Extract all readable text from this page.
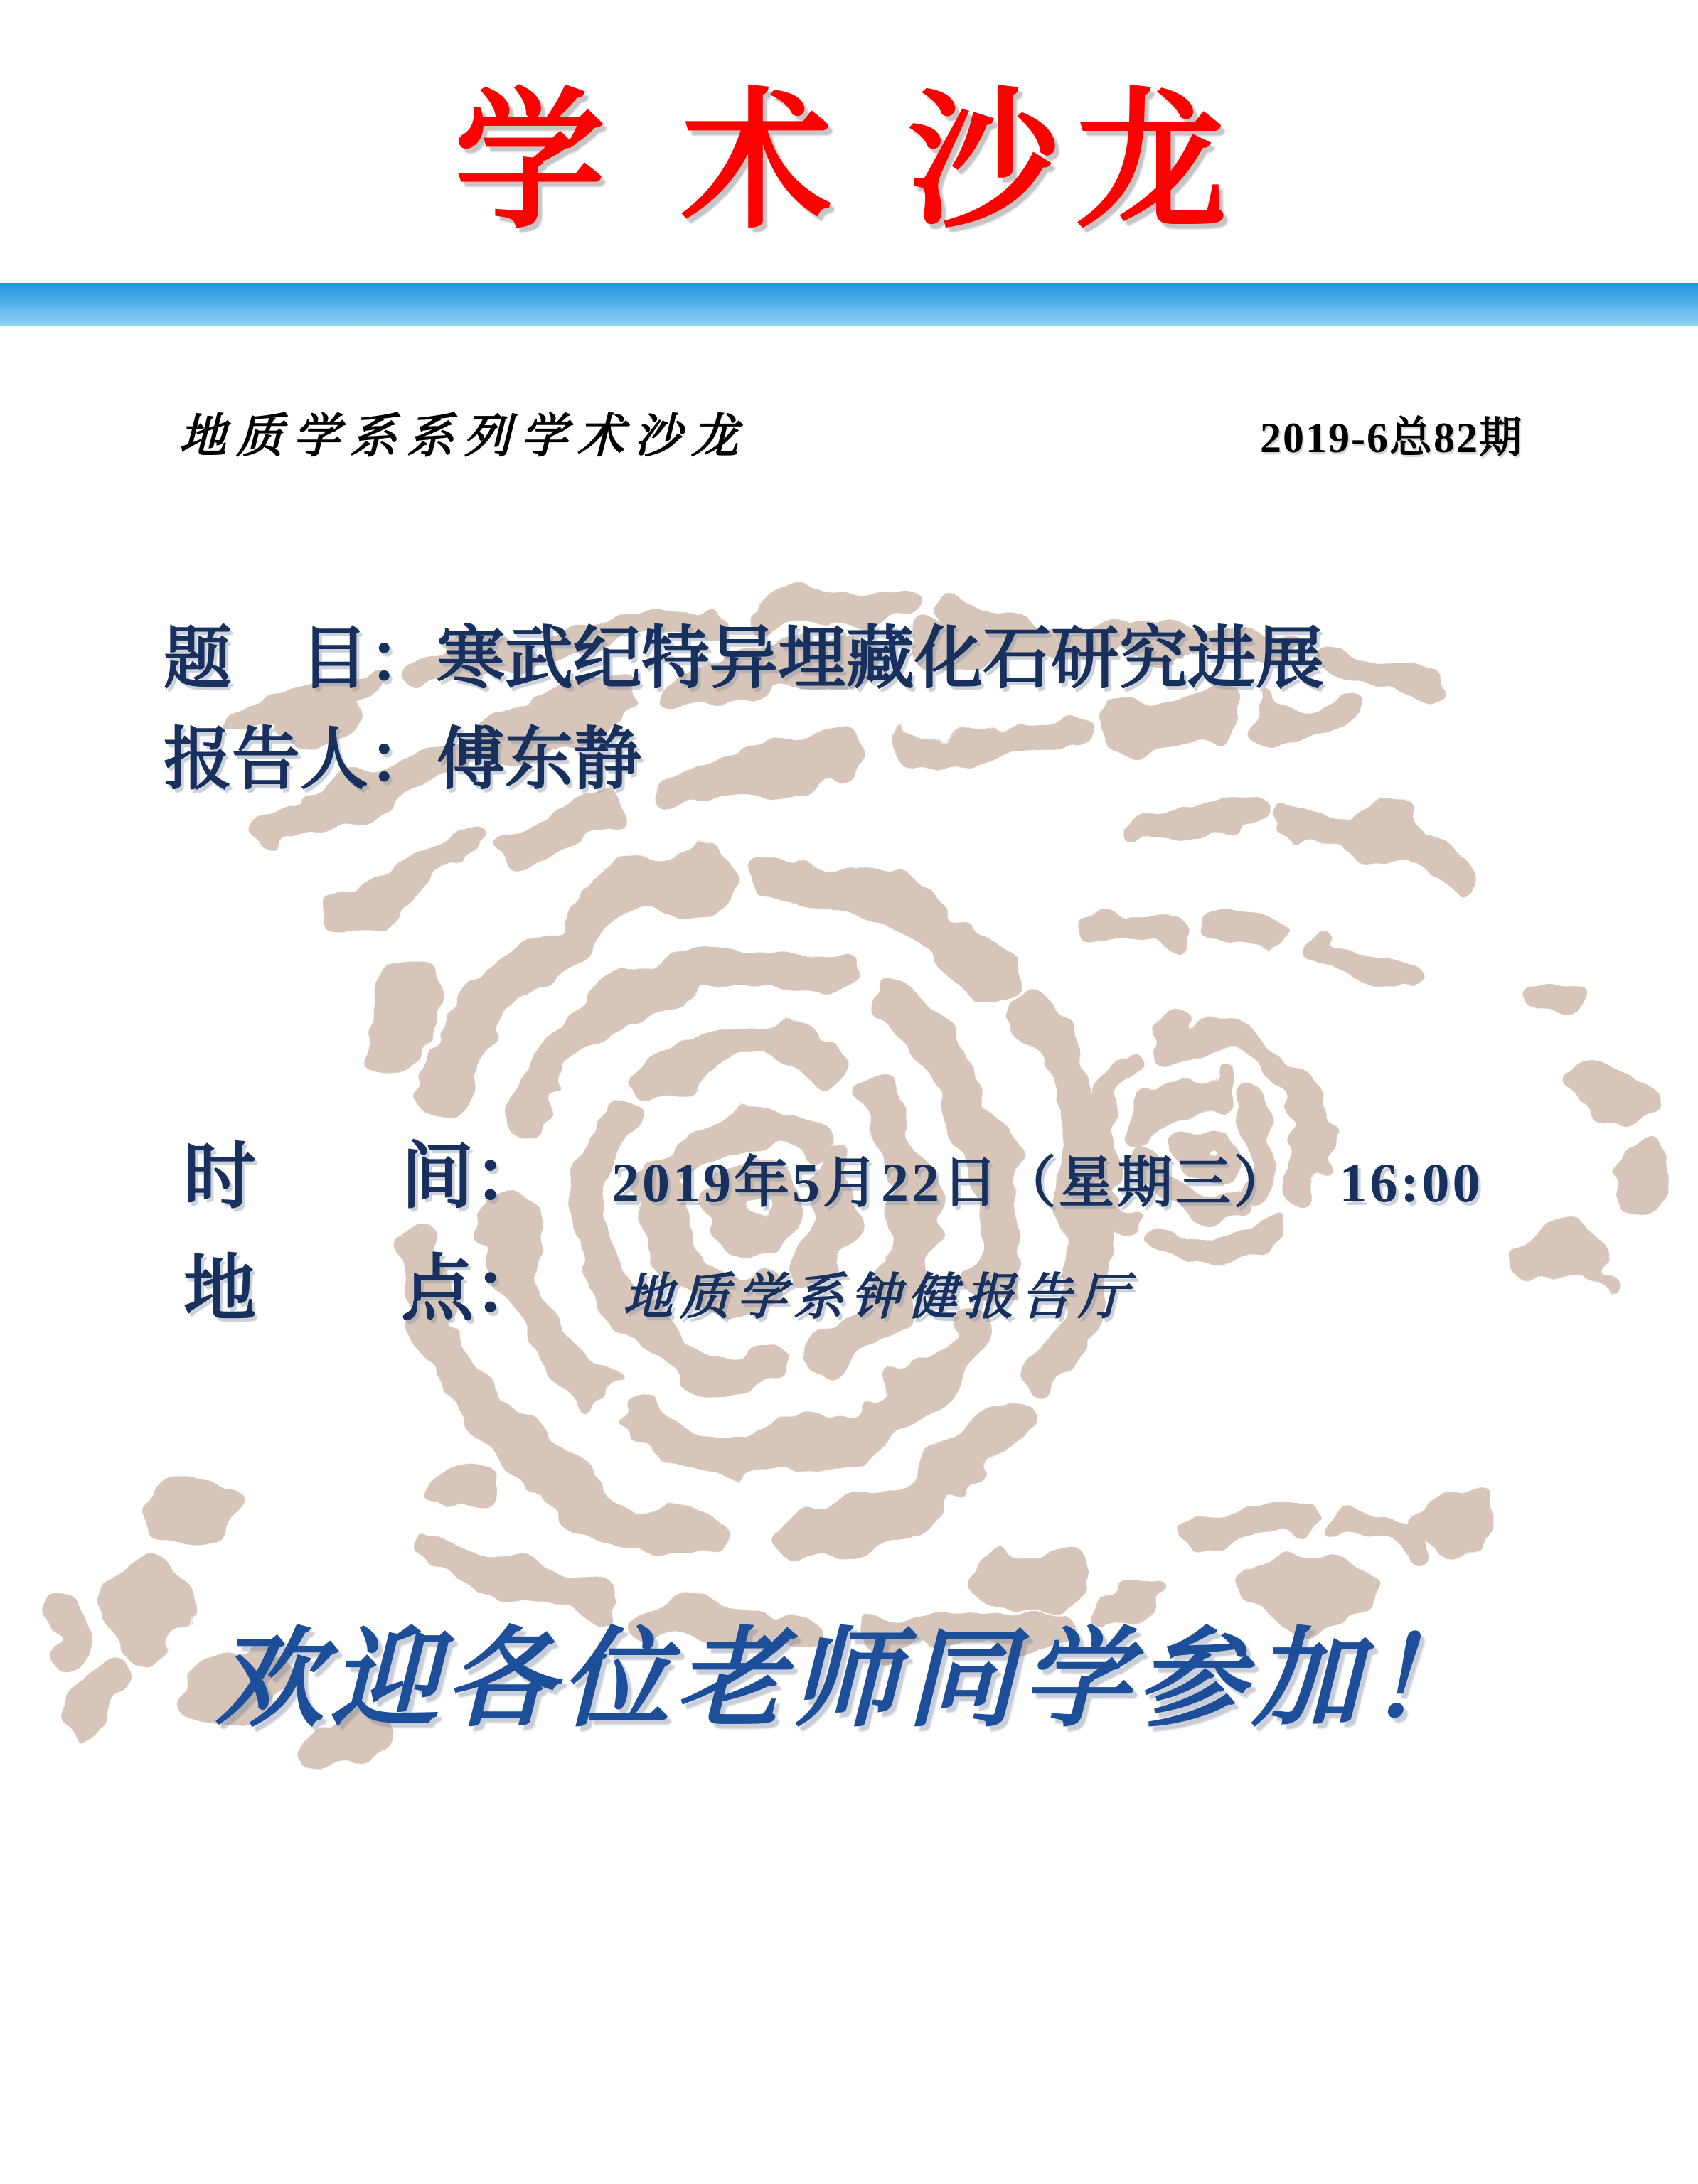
学 术 沙龙
地质学系系列学术沙龙	2019-6总82期
题　目： 寒武纪特异埋藏化石研究进展
报告人： 傅东静
时　　间： 2019年5月22日（星期三）　 16:00
地　　点： 地质学系钟健报告厅
欢迎各位老师同学参加！
